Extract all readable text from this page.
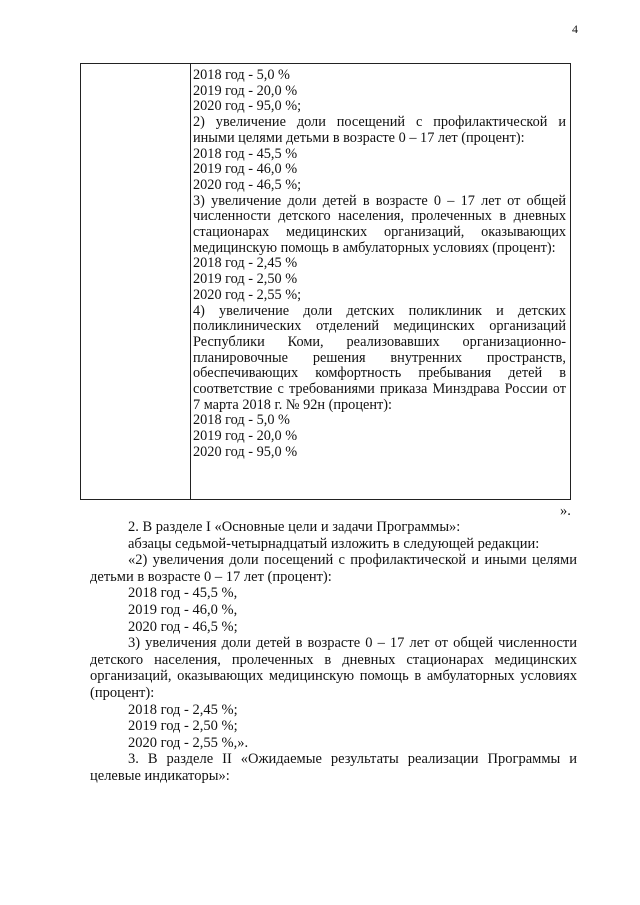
4
2018 год - 5,0 %
2019 год - 20,0 %
2020 год - 95,0 %;
2) увеличение доли посещений с профилактической и иными целями детьми в возрасте 0 – 17 лет (процент):
2018 год - 45,5 %
2019 год - 46,0 %
2020 год - 46,5 %;
3) увеличение доли детей в возрасте 0 – 17 лет от общей численности детского населения, пролеченных в дневных стационарах медицинских организаций, оказывающих медицинскую помощь в амбулаторных условиях (процент):
2018 год - 2,45 %
2019 год - 2,50 %
2020 год - 2,55 %;
4) увеличение доли детских поликлиник и детских поликлинических отделений медицинских организаций Республики Коми, реализовавших организационно-планировочные решения внутренних пространств, обеспечивающих комфортность пребывания детей в соответствие с требованиями приказа Минздрава России от 7 марта 2018 г. № 92н (процент):
2018 год - 5,0 %
2019 год - 20,0 %
2020 год - 95,0 %
».
2. В разделе I «Основные цели и задачи Программы»:
абзацы седьмой-четырнадцатый изложить в следующей редакции:
«2) увеличения доли посещений с профилактической и иными целями детьми в возрасте 0 – 17 лет (процент):
2018 год - 45,5 %,
2019 год - 46,0 %,
2020 год - 46,5 %;
3) увеличения доли детей в возрасте 0 – 17 лет от общей численности детского населения, пролеченных в дневных стационарах медицинских организаций, оказывающих медицинскую помощь в амбулаторных условиях (процент):
2018 год - 2,45 %;
2019 год - 2,50 %;
2020 год - 2,55 %,».
3. В разделе II «Ожидаемые результаты реализации Программы и целевые индикаторы»:
